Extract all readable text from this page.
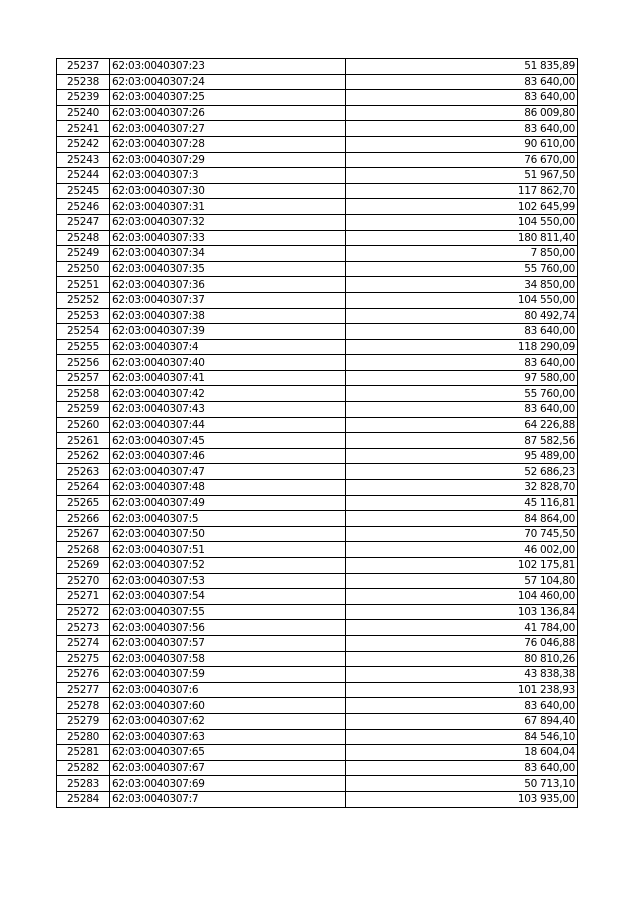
25237	62:03:0040307:23	51 835,89
25238	62:03:0040307:24	83 640,00
25239	62:03:0040307:25	83 640,00
25240	62:03:0040307:26	86 009,80
25241	62:03:0040307:27	83 640,00
25242	62:03:0040307:28	90 610,00
25243	62:03:0040307:29	76 670,00
25244	62:03:0040307:3	51 967,50
25245	62:03:0040307:30	117 862,70
25246	62:03:0040307:31	102 645,99
25247	62:03:0040307:32	104 550,00
25248	62:03:0040307:33	180 811,40
25249	62:03:0040307:34	7 850,00
25250	62:03:0040307:35	55 760,00
25251	62:03:0040307:36	34 850,00
25252	62:03:0040307:37	104 550,00
25253	62:03:0040307:38	80 492,74
25254	62:03:0040307:39	83 640,00
25255	62:03:0040307:4	118 290,09
25256	62:03:0040307:40	83 640,00
25257	62:03:0040307:41	97 580,00
25258	62:03:0040307:42	55 760,00
25259	62:03:0040307:43	83 640,00
25260	62:03:0040307:44	64 226,88
25261	62:03:0040307:45	87 582,56
25262	62:03:0040307:46	95 489,00
25263	62:03:0040307:47	52 686,23
25264	62:03:0040307:48	32 828,70
25265	62:03:0040307:49	45 116,81
25266	62:03:0040307:5	84 864,00
25267	62:03:0040307:50	70 745,50
25268	62:03:0040307:51	46 002,00
25269	62:03:0040307:52	102 175,81
25270	62:03:0040307:53	57 104,80
25271	62:03:0040307:54	104 460,00
25272	62:03:0040307:55	103 136,84
25273	62:03:0040307:56	41 784,00
25274	62:03:0040307:57	76 046,88
25275	62:03:0040307:58	80 810,26
25276	62:03:0040307:59	43 838,38
25277	62:03:0040307:6	101 238,93
25278	62:03:0040307:60	83 640,00
25279	62:03:0040307:62	67 894,40
25280	62:03:0040307:63	84 546,10
25281	62:03:0040307:65	18 604,04
25282	62:03:0040307:67	83 640,00
25283	62:03:0040307:69	50 713,10
25284	62:03:0040307:7	103 935,00
